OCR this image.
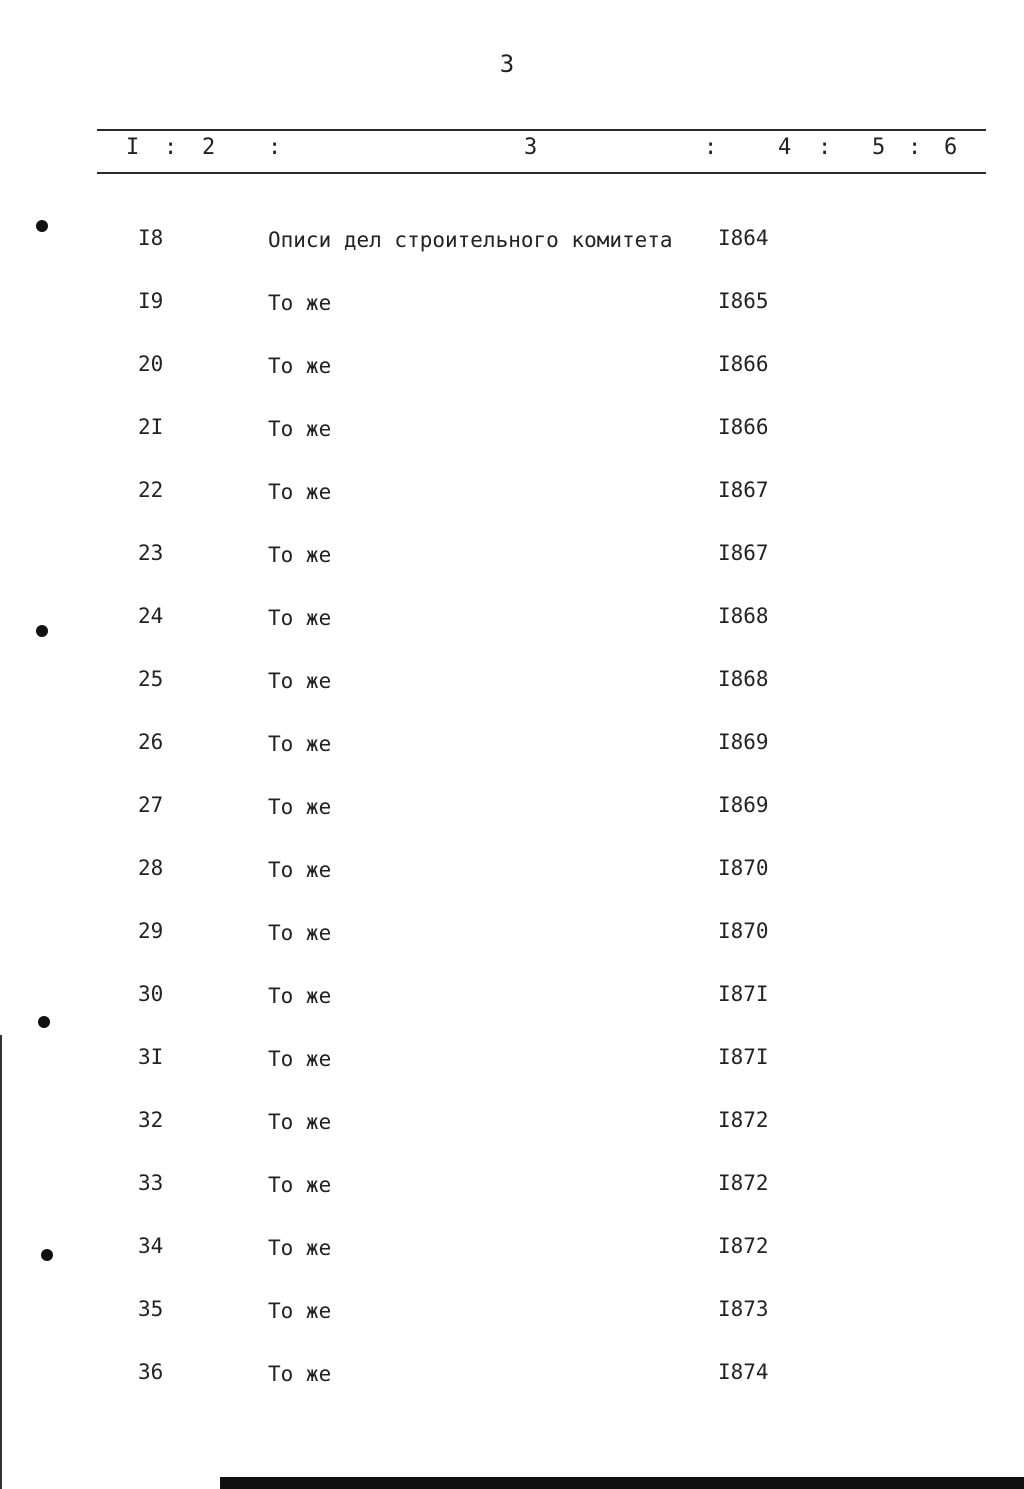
3
I : 2 :	3	:	4 : 5 : 6
I8	Описи дел строительного комитета I864
I9	То же	I865
20	То же	I866
2I	То же	I866
22	То же	I867
23	То же	I867
24	То же	I868
25	То же	I868
26	То же	I869
27	То же	I869
28	То же	I870
29	То же	I870
30	То же	I87I
3I	То же	I87I
32	То же	I872
33	То же	I872
34	То же	I872
35	То же	I873
36	То же	I874
